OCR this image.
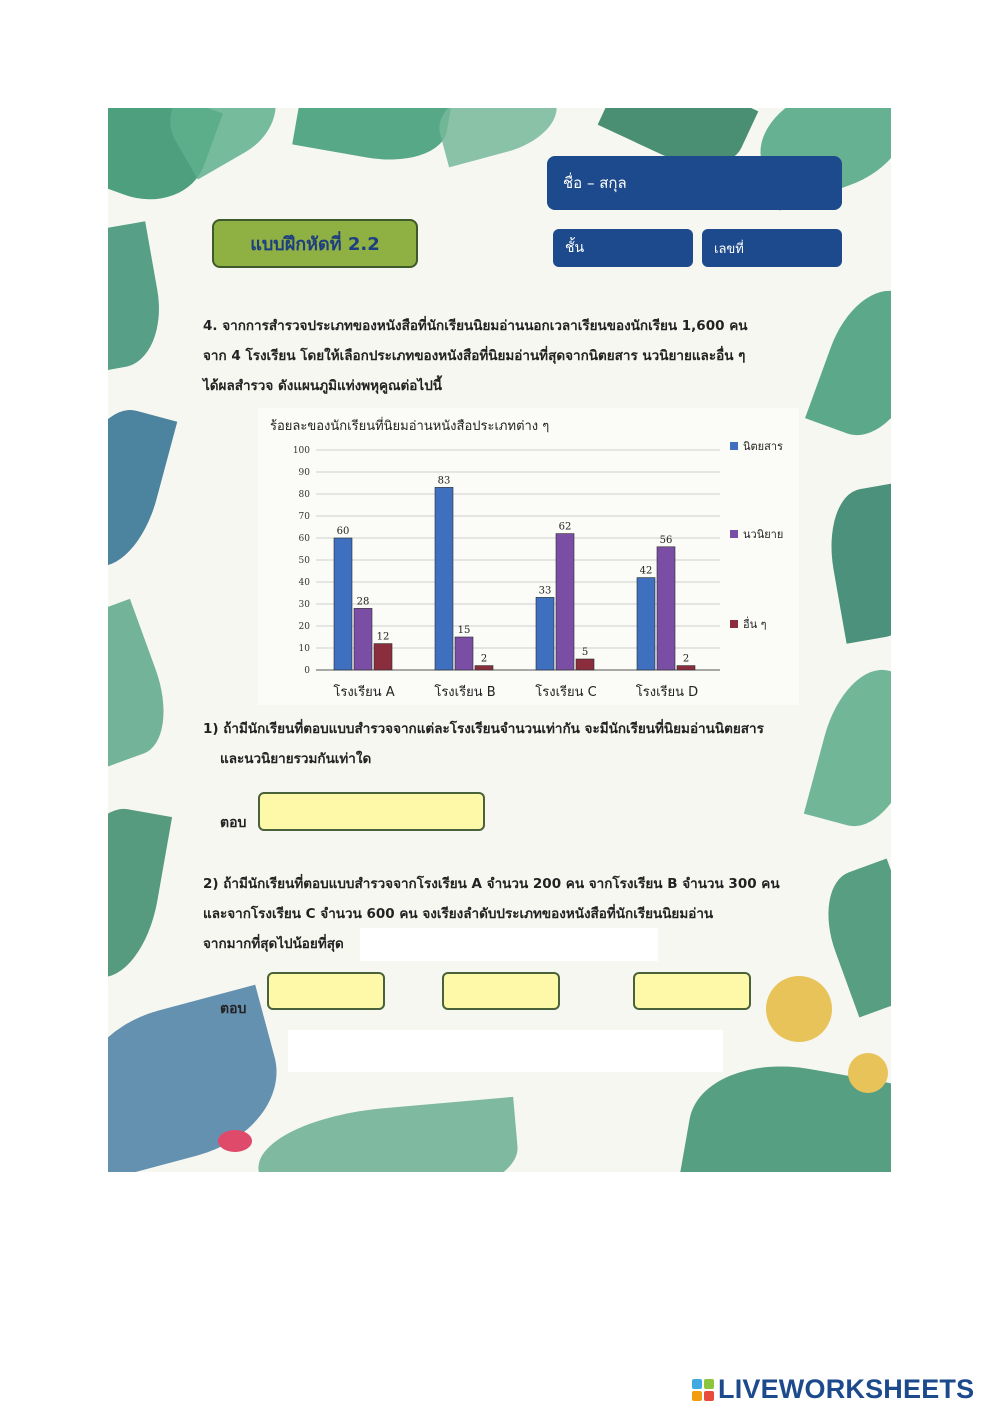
ชื่อ – สกุล
ชั้น	เลขที่
แบบฝึกหัดที่ 2.2
4. จากการสำรวจประเภทของหนังสือที่นักเรียนนิยมอ่านนอกเวลาเรียนของนักเรียน 1,600 คน
จาก 4 โรงเรียน โดยให้เลือกประเภทของหนังสือที่นิยมอ่านที่สุดจากนิตยสาร นวนิยายและอื่น ๆ
ได้ผลสำรวจ ดังแผนภูมิแท่งพหุคูณต่อไปนี้
ร้อยละของนักเรียนที่นิยมอ่านหนังสือประเภทต่าง ๆ
0
10
20
30
40
50
60
70
80
90
100
60
28
12
โรงเรียน A
83
15
2
โรงเรียน B
33
62
5
โรงเรียน C
42
56
2
โรงเรียน D
นิตยสาร
นวนิยาย
อื่น ๆ
1) ถ้ามีนักเรียนที่ตอบแบบสำรวจจากแต่ละโรงเรียนจำนวนเท่ากัน จะมีนักเรียนที่นิยมอ่านนิตยสาร
และนวนิยายรวมกันเท่าใด
ตอบ
2) ถ้ามีนักเรียนที่ตอบแบบสำรวจจากโรงเรียน A จำนวน 200 คน จากโรงเรียน B จำนวน 300 คน
และจากโรงเรียน C จำนวน 600 คน จงเรียงลำดับประเภทของหนังสือที่นักเรียนนิยมอ่าน
จากมากที่สุดไปน้อยที่สุด
ตอบ
LIVEWORKSHEETS
